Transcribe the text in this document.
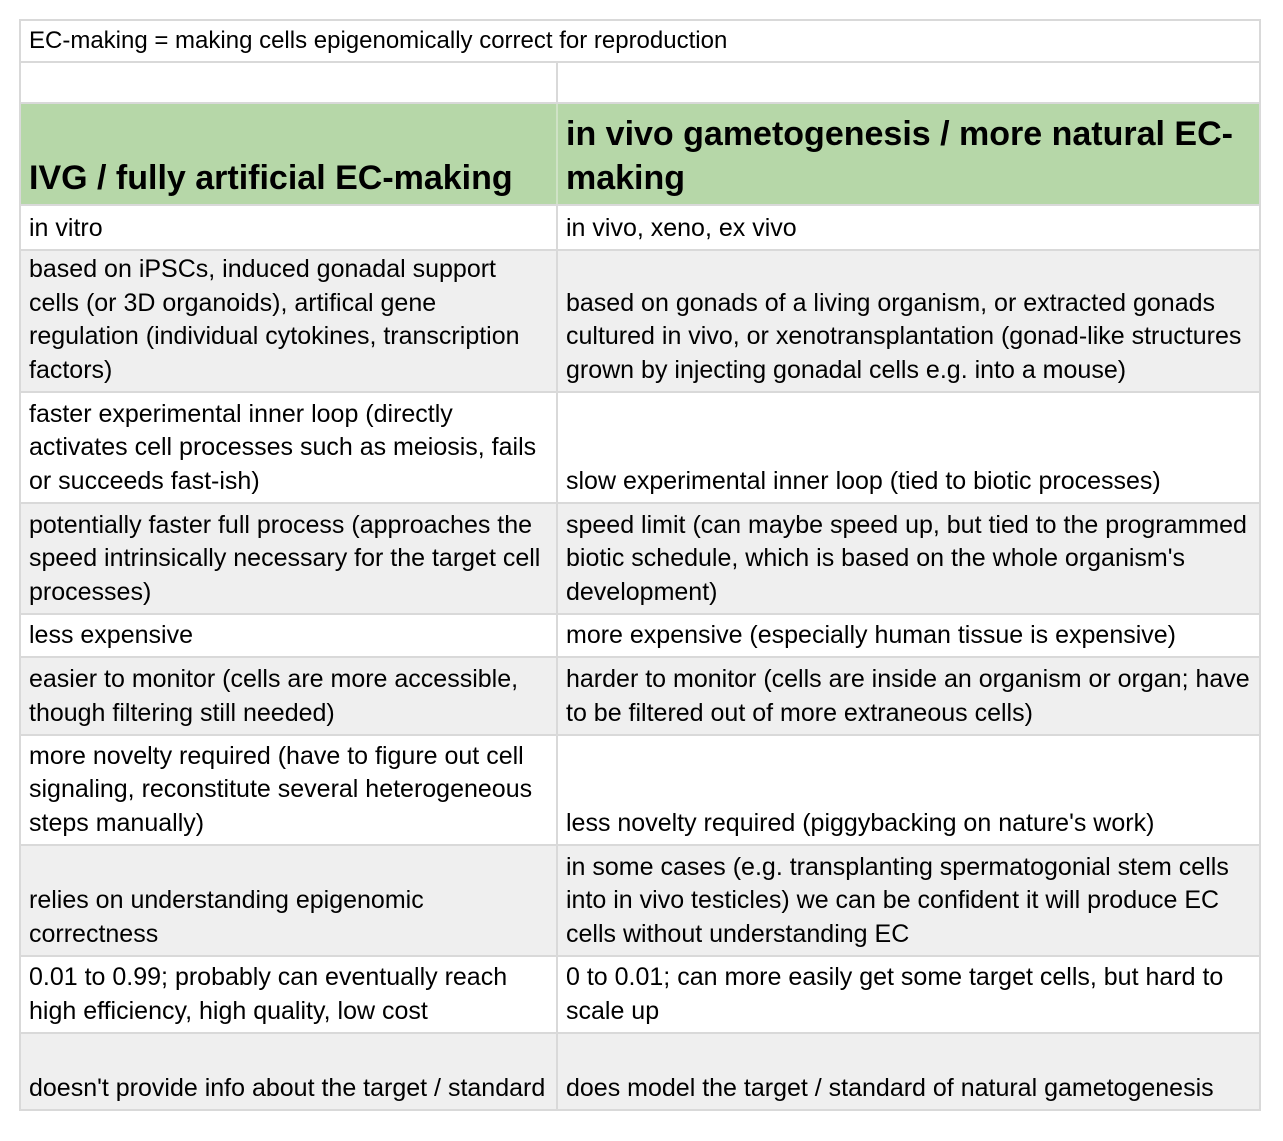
EC-making = making cells epigenomically correct for reproduction	

IVG / fully artificial EC-making	in vivo gametogenesis / more natural EC-making
in vitro	in vivo, xeno, ex vivo
based on iPSCs, induced gonadal support cells (or 3D organoids), artifical gene regulation (individual cytokines, transcription factors)	based on gonads of a living organism, or extracted gonads cultured in vivo, or xenotransplantation (gonad-like structures grown by injecting gonadal cells e.g. into a mouse)
faster experimental inner loop (directly activates cell processes such as meiosis, fails or succeeds fast-ish)	slow experimental inner loop (tied to biotic processes)
potentially faster full process (approaches the speed intrinsically necessary for the target cell processes)	speed limit (can maybe speed up, but tied to the programmed biotic schedule, which is based on the whole organism's development)
less expensive	more expensive (especially human tissue is expensive)
easier to monitor (cells are more accessible, though filtering still needed)	harder to monitor (cells are inside an organism or organ; have to be filtered out of more extraneous cells)
more novelty required (have to figure out cell signaling, reconstitute several heterogeneous steps manually)	less novelty required (piggybacking on nature's work)
relies on understanding epigenomic correctness	in some cases (e.g. transplanting spermatogonial stem cells into in vivo testicles) we can be confident it will produce EC cells without understanding EC
0.01 to 0.99; probably can eventually reach high efficiency, high quality, low cost	0 to 0.01; can more easily get some target cells, but hard to scale up
doesn't provide info about the target / standard	does model the target / standard of natural gametogenesis
